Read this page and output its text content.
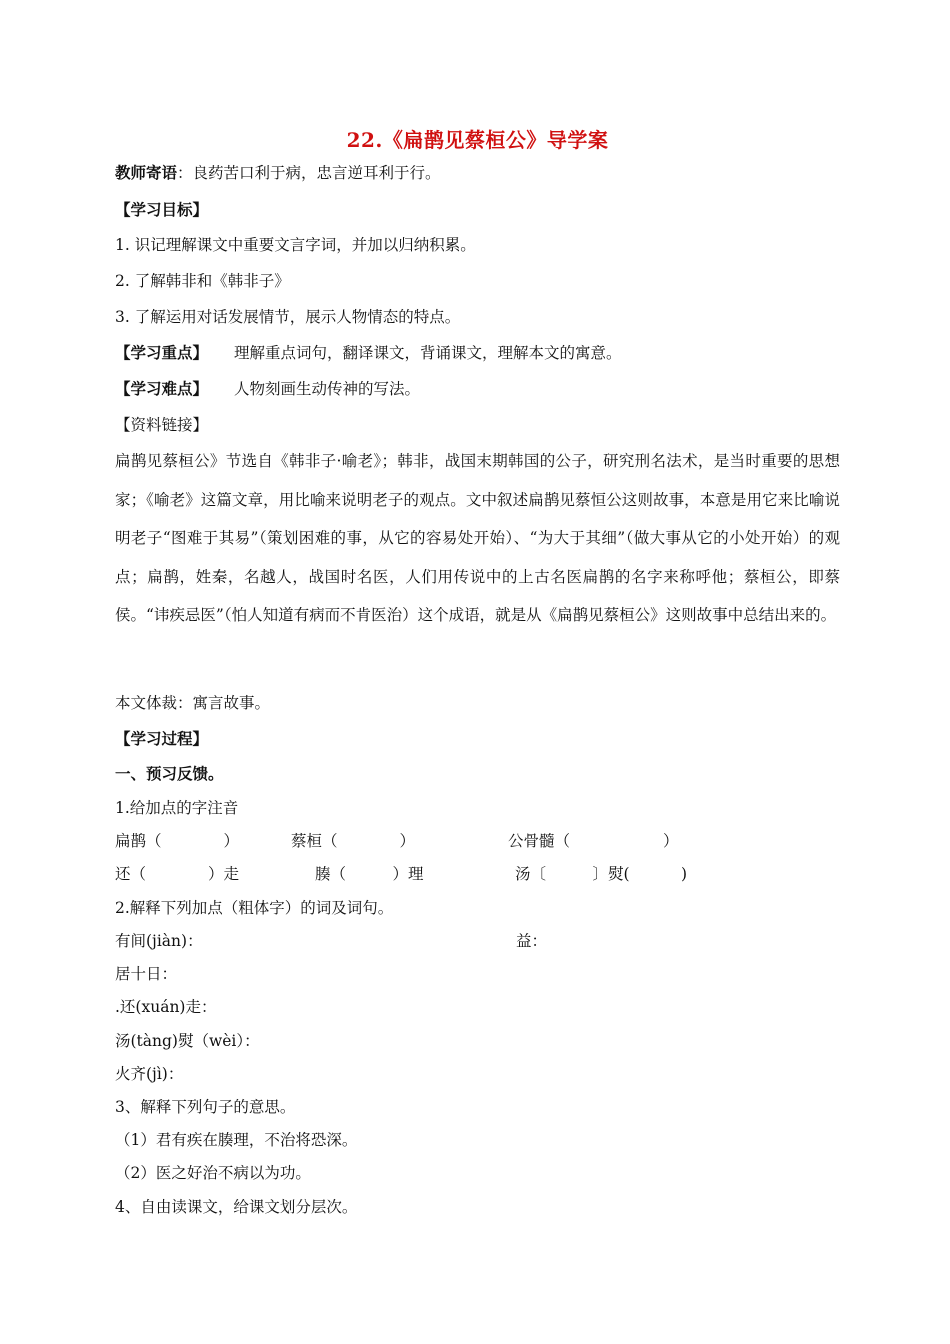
22.《扁鹊见蔡桓公》导学案
教师寄语：良药苦口利于病，忠言逆耳利于行。
【学习目标】
1. 识记理解课文中重要文言字词，并加以归纳积累。
2. 了解韩非和《韩非子》
3. 了解运用对话发展情节，展示人物情态的特点。
【学习重点】 理解重点词句，翻译课文，背诵课文，理解本文的寓意。
【学习难点】 人物刻画生动传神的写法。
【资料链接】
扁鹊见蔡桓公》节选自《韩非子·喻老》；韩非，战国末期韩国的公子，研究刑名法术，是当时重要的思想家；《喻老》这篇文章，用比喻来说明老子的观点。文中叙述扁鹊见蔡恒公这则故事，本意是用它来比喻说明老子“图难于其易”（策划困难的事，从它的容易处开始）、“为大于其细”（做大事从它的小处开始）的观点；扁鹊，姓秦，名越人，战国时名医，人们用传说中的上古名医扁鹊的名字来称呼他；蔡桓公，即蔡侯。“讳疾忌医”（怕人知道有病而不肯医治）这个成语，就是从《扁鹊见蔡桓公》这则故事中总结出来的。
本文体裁：寓言故事。
【学习过程】
一、预习反馈。
1.给加点的字注音
扁鹊（　　　　）	蔡桓（　　　　）	公骨髓（　　　　　　）
还（　　　　）走	腠（　　　）理	汤〔　　　〕熨(　　　 )
2.解释下列加点（粗体字）的词及词句。
有间(jiàn)：	益：
居十日：
.还(xuán)走：
汤(tàng)熨（wèi）：
火齐(jì)：
3、解释下列句子的意思。
（1）君有疾在腠理，不治将恐深。
（2）医之好治不病以为功。
4、自由读课文，给课文划分层次。
